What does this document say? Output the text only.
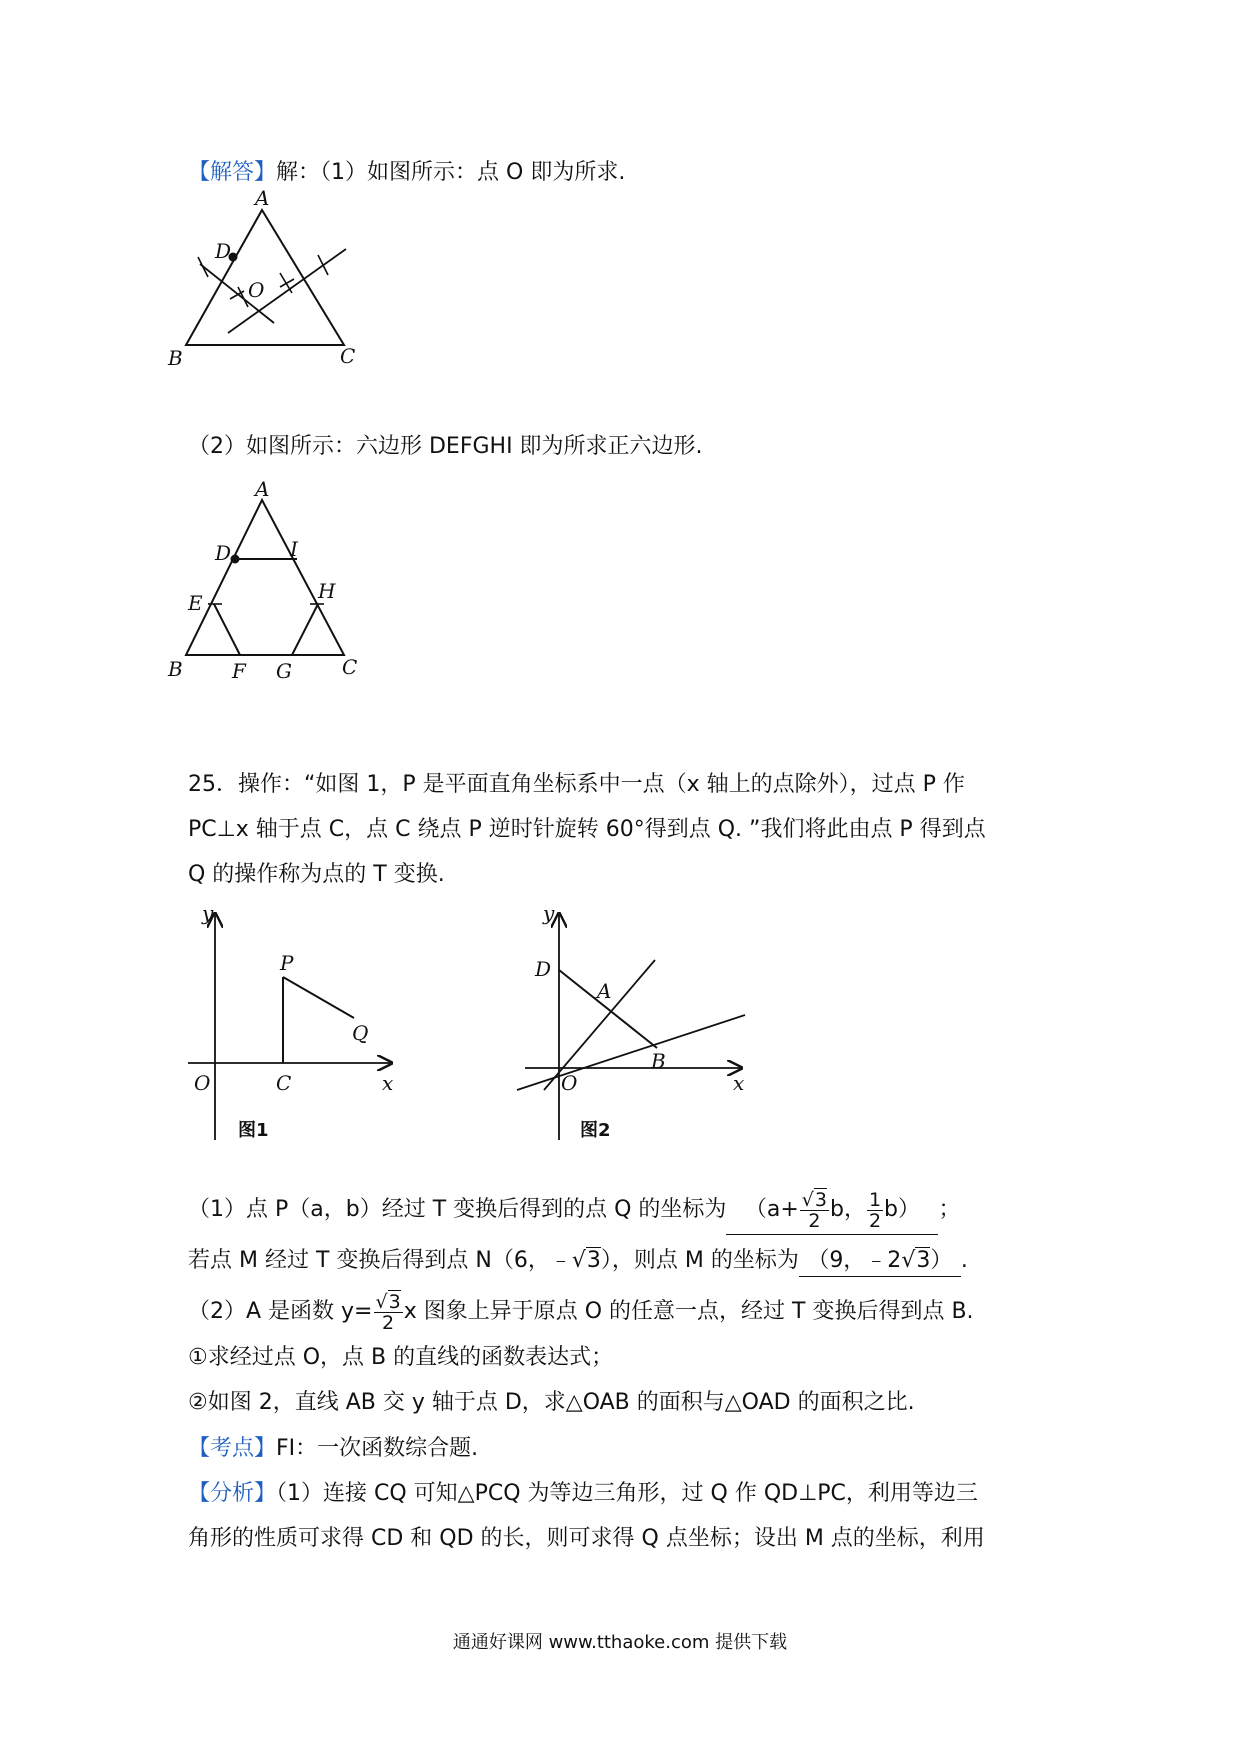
【解答】解：（1）如图所示：点 O 即为所求.
A
B	C
D
O
（2）如图所示：六边形 DEFGHI 即为所求正六边形.
A
B	C
D
E
F G
H
I
25．操作：“如图 1，P 是平面直角坐标系中一点（x 轴上的点除外），过点 P 作
PC⊥x 轴于点 C，点 C 绕点 P 逆时针旋转 60°得到点 Q. ”我们将此由点 P 得到点
Q 的操作称为点的 T 变换.
y
P
Q
O	C	x
图1
y
D
A
B
O	x
图2
（1）点 P（a，b）经过 T 变换后得到的点 Q 的坐标为 （$a+ \frac{√3}{2}$ b， $\frac{1}{2} b$） ；
若点 M 经过 T 变换后得到点 N（6，﹣√3），则点 M 的坐标为 （9，﹣2√3） .
（2）A 是函数 $y= \frac{√3}{2}$ x 图象上异于原点 O 的任意一点，经过 T 变换后得到点 B.
①求经过点 O，点 B 的直线的函数表达式；
②如图 2，直线 AB 交 y 轴于点 D，求△OAB 的面积与△OAD 的面积之比.
【考点】FI：一次函数综合题.
【分析】（1）连接 CQ 可知△PCQ 为等边三角形，过 Q 作 QD⊥PC，利用等边三
角形的性质可求得 CD 和 QD 的长，则可求得 Q 点坐标；设出 M 点的坐标，利用
通通好课网 www.tthaoke.com 提供下载
